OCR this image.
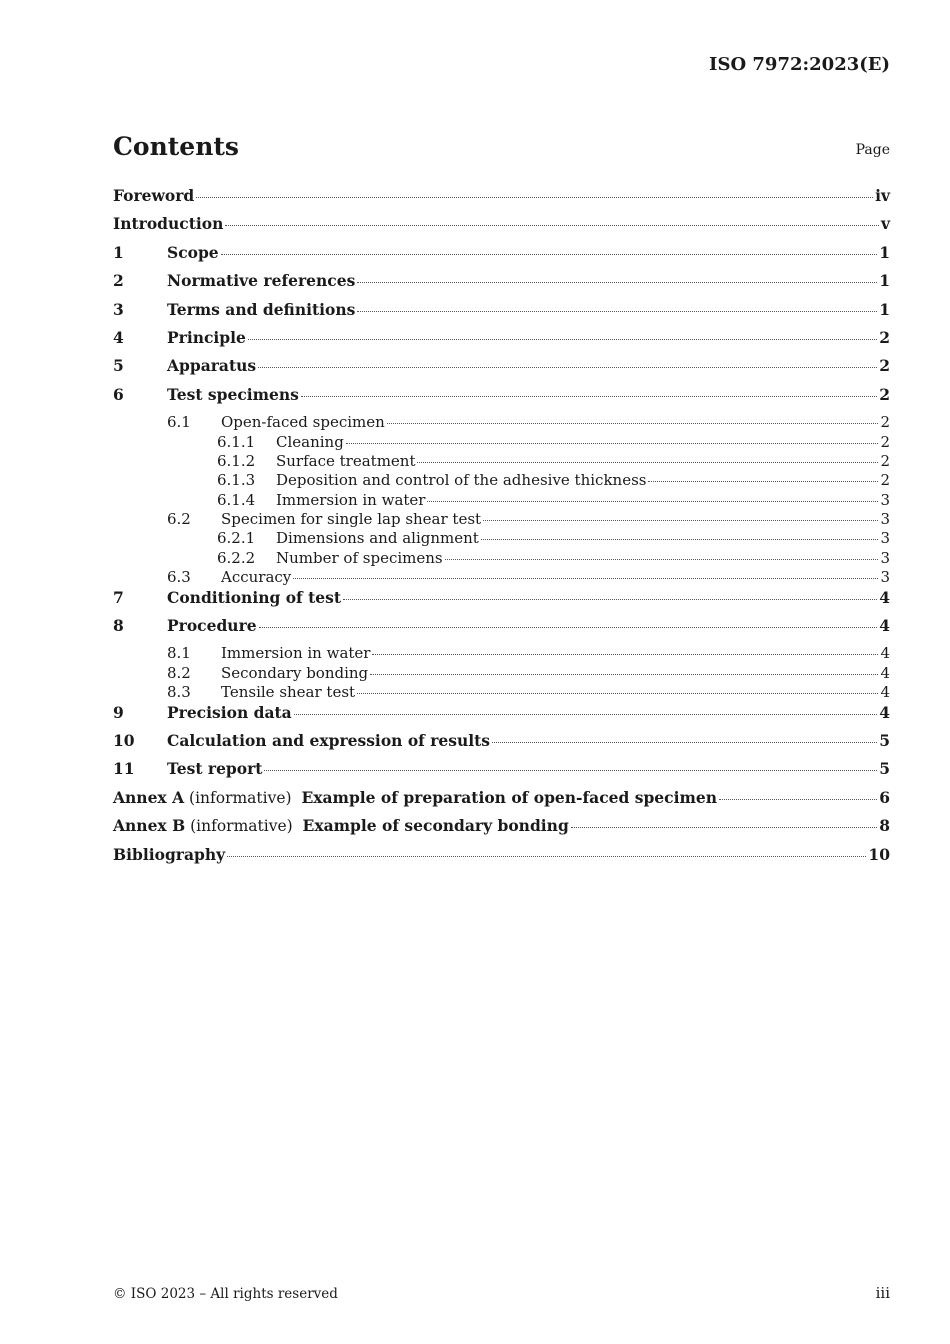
ISO 7972:2023(E)
Contents	Page
Foreword	iv
Introduction	v
1	Scope	1
2	Normative references	1
3	Terms and definitions	1
4	Principle	2
5	Apparatus	2
6	Test specimens	2
6.1	Open-faced specimen	2
6.1.1	Cleaning	2
6.1.2	Surface treatment	2
6.1.3	Deposition and control of the adhesive thickness	2
6.1.4	Immersion in water	3
6.2	Specimen for single lap shear test	3
6.2.1	Dimensions and alignment	3
6.2.2	Number of specimens	3
6.3	Accuracy	3
7	Conditioning of test	4
8	Procedure	4
8.1	Immersion in water	4
8.2	Secondary bonding	4
8.3	Tensile shear test	4
9	Precision data	4
10	Calculation and expression of results	5
11	Test report	5
Annex A (informative)  Example of preparation of open-faced specimen	6
Annex B (informative)  Example of secondary bonding	8
Bibliography	10
© ISO 2023 – All rights reserved	iii
